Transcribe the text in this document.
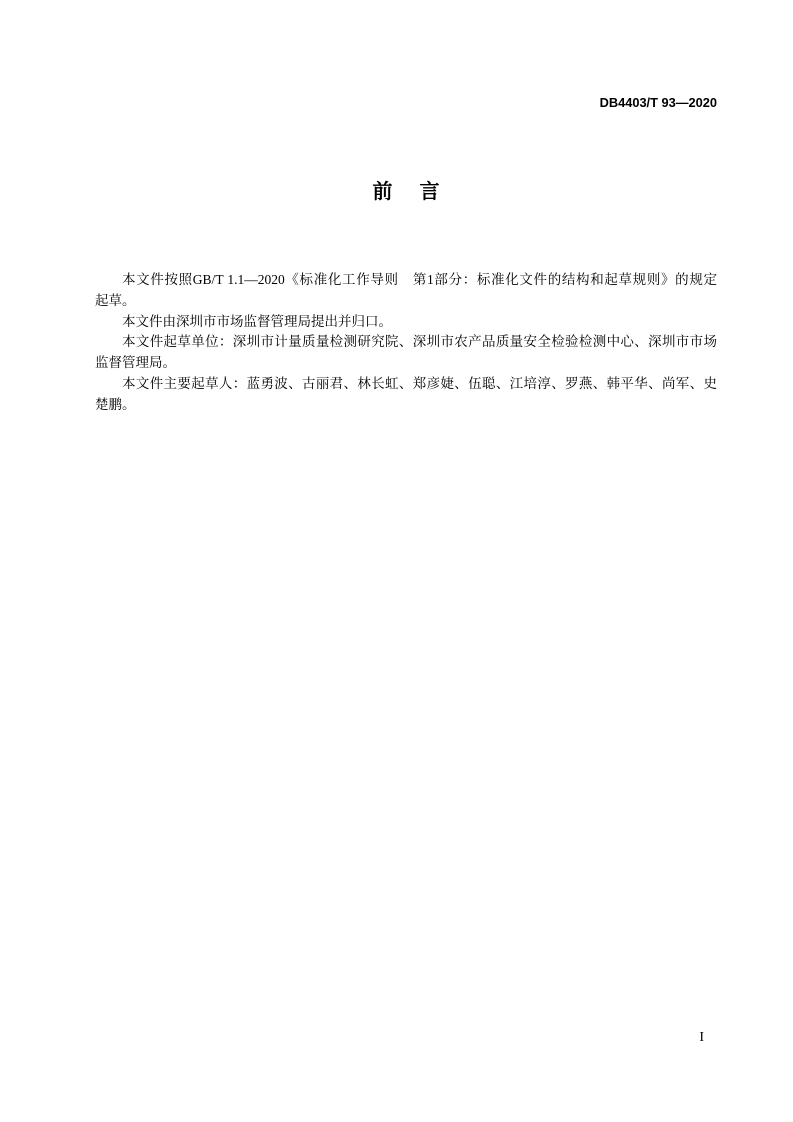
DB4403/T 93—2020
前 言

本文件按照GB/T 1.1—2020《标准化工作导则　第1部分：标准化文件的结构和起草规则》的规定
起草。

本文件由深圳市市场监督管理局提出并归口。

本文件起草单位：深圳市计量质量检测研究院、深圳市农产品质量安全检验检测中心、深圳市市场
监督管理局。

本文件主要起草人：蓝勇波、古丽君、林长虹、郑彦婕、伍聪、江培淳、罗燕、韩平华、尚军、史
楚鹏。

I
